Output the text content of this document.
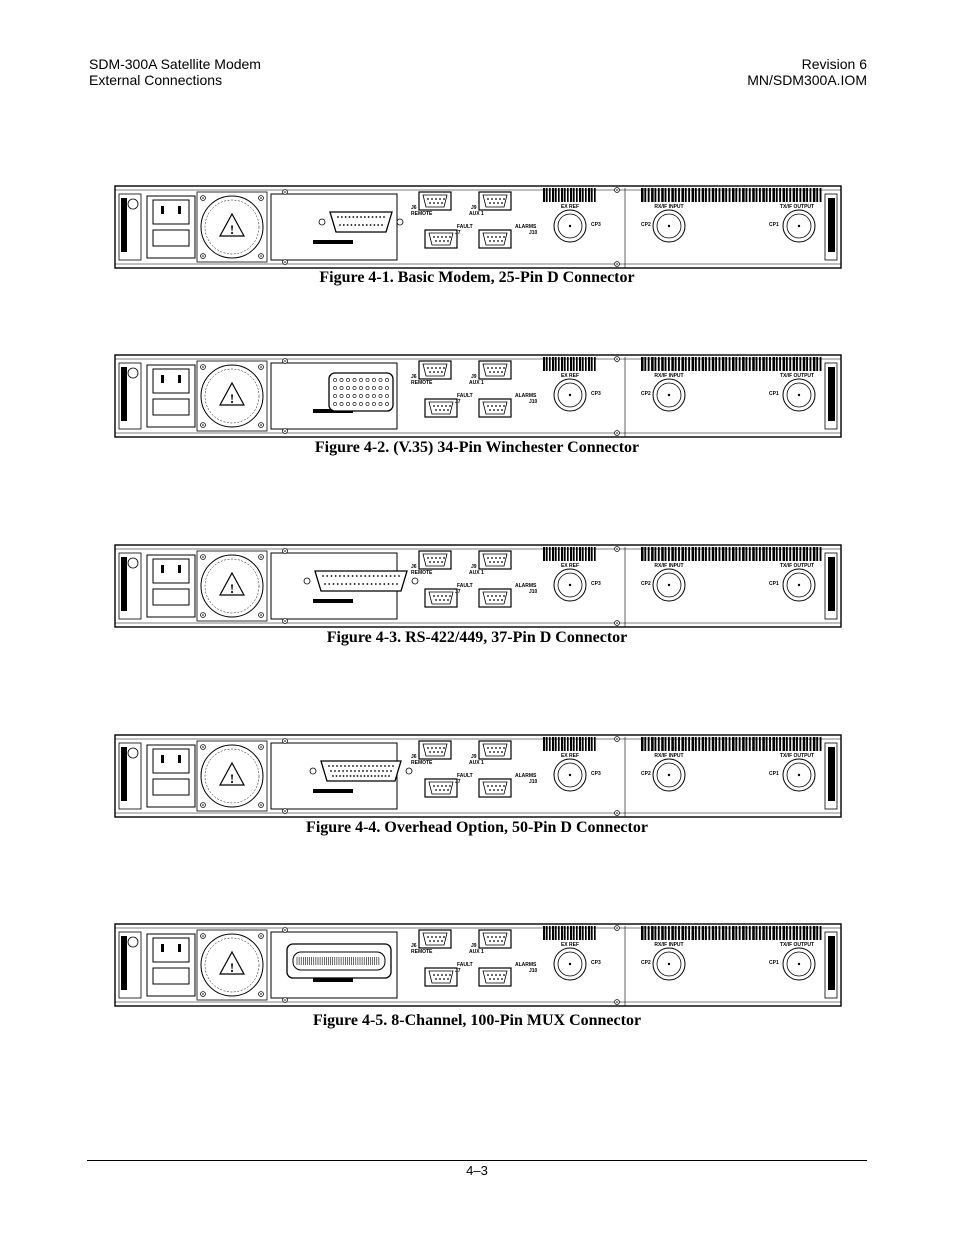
SDM-300A Satellite Modem
External Connections
Revision 6
MN/SDM300A.IOM
!
J6
REMOTE
J9
AUX 1
FAULT
J7
ALARMS
J10
EX REF
CP3
RX/IF INPUT
CP2
TX/IF OUTPUT
CP1
Figure 4-1. Basic Modem, 25-Pin D Connector
!
J6
REMOTE
J9
AUX 1
FAULT
J7
ALARMS
J10
EX REF
CP3
RX/IF INPUT
CP2
TX/IF OUTPUT
CP1
Figure 4-2. (V.35) 34-Pin Winchester Connector
!
J6
REMOTE
J9
AUX 1
FAULT
J7
ALARMS
J10
EX REF
CP3
RX/IF INPUT
CP2
TX/IF OUTPUT
CP1
Figure 4-3. RS-422/449, 37-Pin D Connector
!
J6
REMOTE
J9
AUX 1
FAULT
J7
ALARMS
J10
EX REF
CP3
RX/IF INPUT
CP2
TX/IF OUTPUT
CP1
Figure 4-4. Overhead Option, 50-Pin D Connector
!
J6
REMOTE
J9
AUX 1
FAULT
J7
ALARMS
J10
EX REF
CP3
RX/IF INPUT
CP2
TX/IF OUTPUT
CP1
Figure 4-5. 8-Channel, 100-Pin MUX Connector
4–3
